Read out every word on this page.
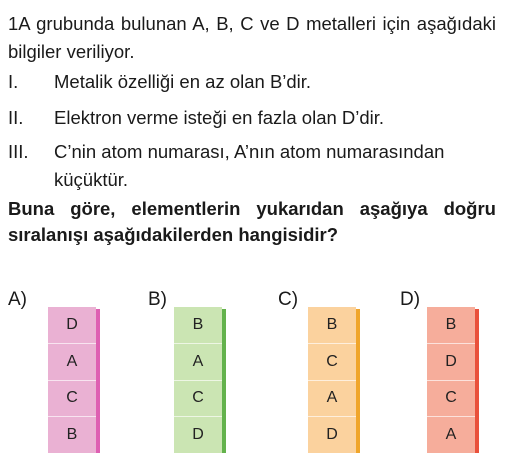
1A grubunda bulunan A, B, C ve D metalleri için aşağıdaki bilgiler veriliyor.
I. Metalik özelliği en az olan B’dir.
II. Elektron verme isteği en fazla olan D’dir.
III. C’nin atom numarası, A’nın atom numarasından küçüktür.
Buna göre, elementlerin yukarıdan aşağıya doğru sıralanışı aşağıdakilerden hangisidir?
A)
D
A
C
B
B)
B
A
C
D
C)
B
C
A
D
D)
B
D
C
A
